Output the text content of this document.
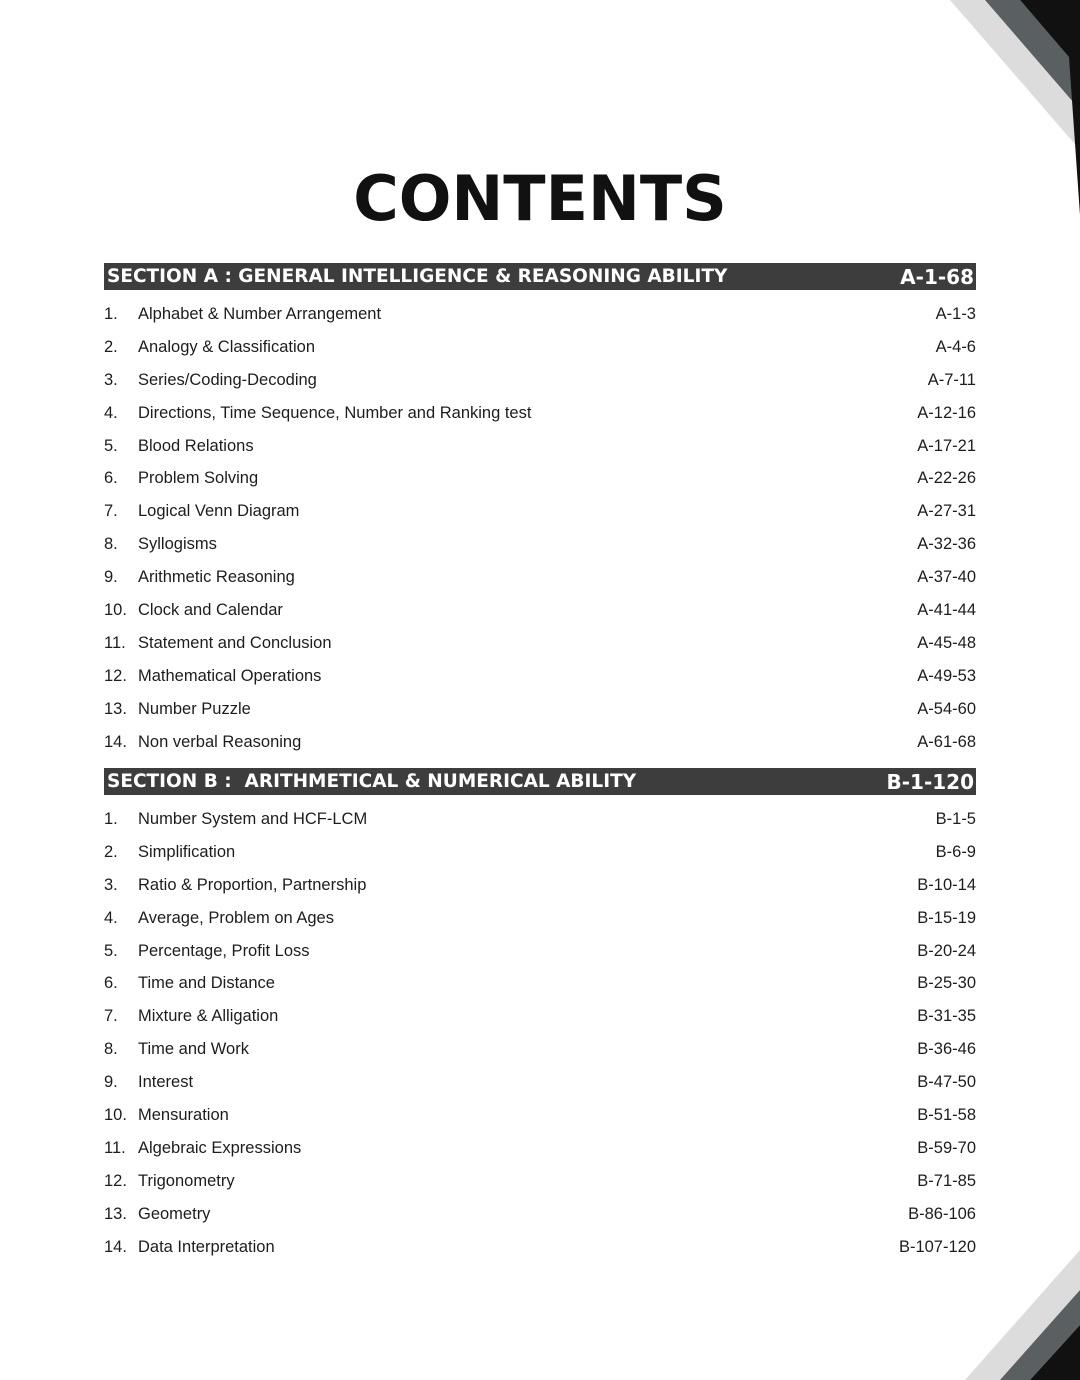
CONTENTS
SECTION A : GENERAL INTELLIGENCE & REASONING ABILITY	A-1-68
1.	Alphabet & Number Arrangement	A-1-3
2.	Analogy & Classification	A-4-6
3.	Series/Coding-Decoding	A-7-11
4.	Directions, Time Sequence, Number and Ranking test	A-12-16
5.	Blood Relations	A-17-21
6.	Problem Solving	A-22-26
7.	Logical Venn Diagram	A-27-31
8.	Syllogisms	A-32-36
9.	Arithmetic Reasoning	A-37-40
10. Clock and Calendar	A-41-44
11. Statement and Conclusion	A-45-48
12. Mathematical Operations	A-49-53
13. Number Puzzle	A-54-60
14. Non verbal Reasoning	A-61-68
SECTION B :  ARITHMETICAL & NUMERICAL ABILITY	B-1-120
1.	Number System and HCF-LCM	B-1-5
2.	Simplification	B-6-9
3.	Ratio & Proportion, Partnership	B-10-14
4.	Average, Problem on Ages	B-15-19
5.	Percentage, Profit Loss	B-20-24
6.	Time and Distance	B-25-30
7.	Mixture & Alligation	B-31-35
8.	Time and Work	B-36-46
9.	Interest	B-47-50
10. Mensuration	B-51-58
11. Algebraic Expressions	B-59-70
12. Trigonometry	B-71-85
13. Geometry	B-86-106
14. Data Interpretation	B-107-120
